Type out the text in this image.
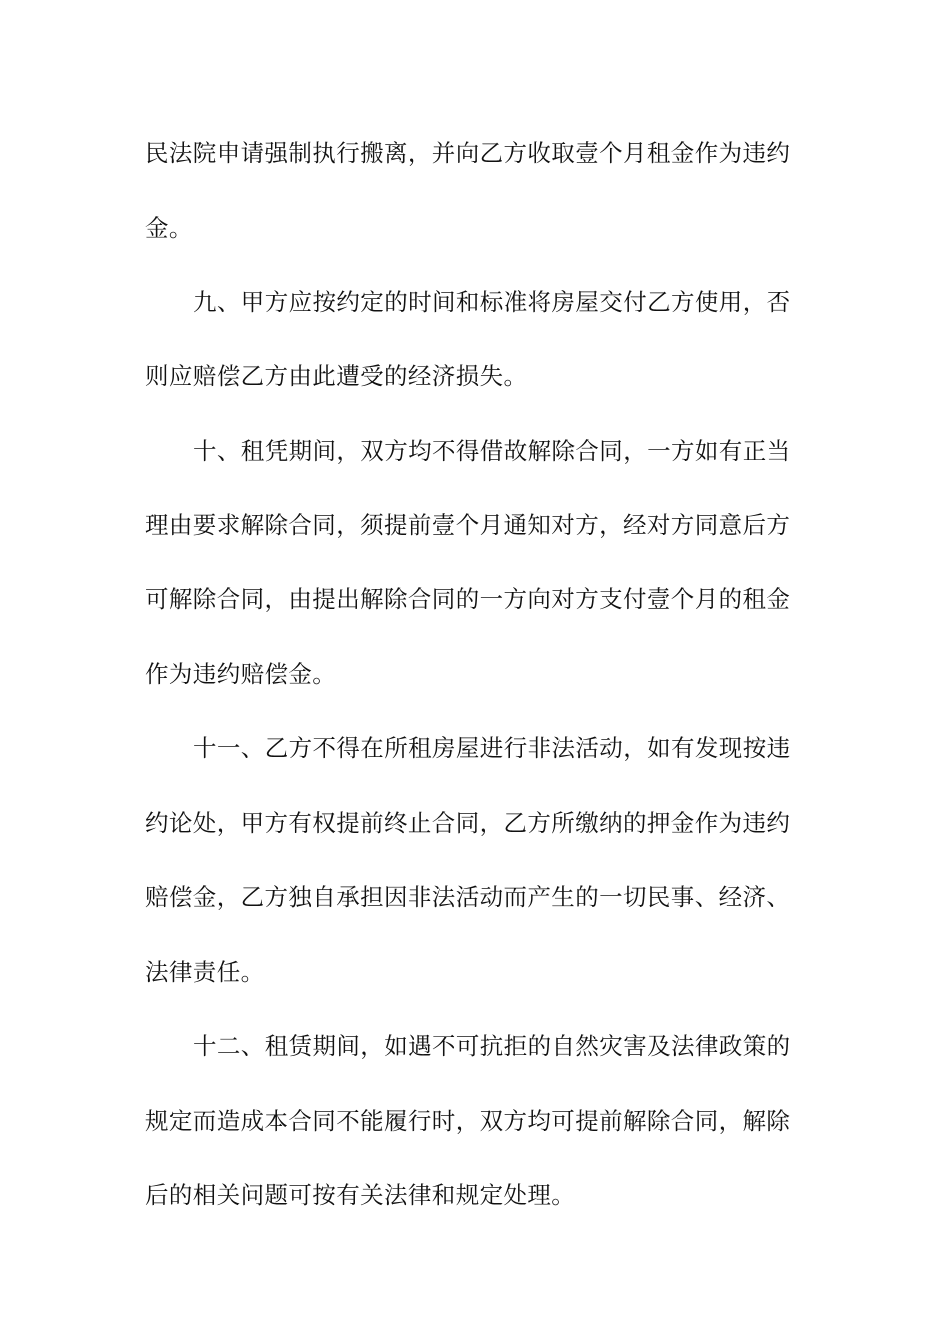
民法院申请强制执行搬离，并向乙方收取壹个月租金作为违约
金。
九、甲方应按约定的时间和标准将房屋交付乙方使用，否
则应赔偿乙方由此遭受的经济损失。
十、租凭期间，双方均不得借故解除合同，一方如有正当
理由要求解除合同，须提前壹个月通知对方，经对方同意后方
可解除合同，由提出解除合同的一方向对方支付壹个月的租金
作为违约赔偿金。
十一、乙方不得在所租房屋进行非法活动，如有发现按违
约论处，甲方有权提前终止合同，乙方所缴纳的押金作为违约
赔偿金，乙方独自承担因非法活动而产生的一切民事、经济、
法律责任。
十二、租赁期间，如遇不可抗拒的自然灾害及法律政策的
规定而造成本合同不能履行时，双方均可提前解除合同，解除
后的相关问题可按有关法律和规定处理。
